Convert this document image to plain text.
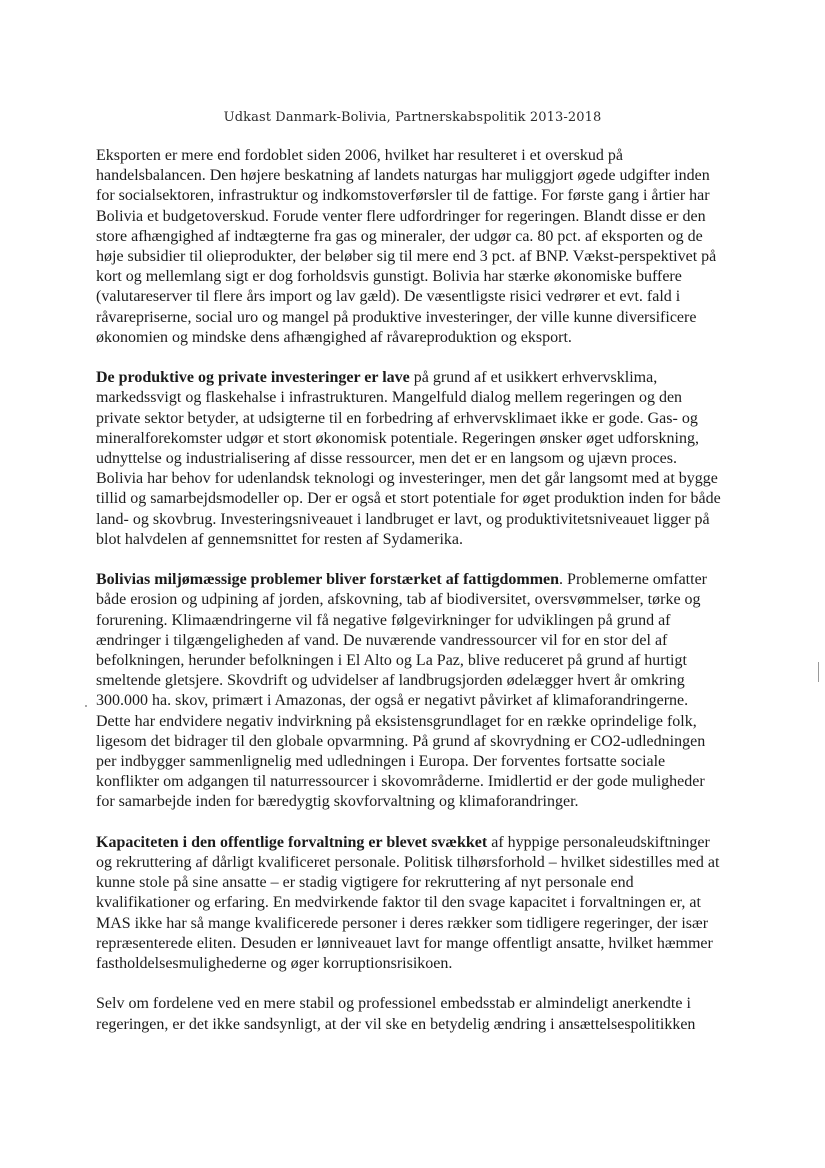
Udkast Danmark-Bolivia, Partnerskabspolitik 2013-2018

Eksporten er mere end fordoblet siden 2006, hvilket har resulteret i et overskud på handelsbalancen. Den højere beskatning af landets naturgas har muliggjort øgede udgifter inden for socialsektoren, infrastruktur og indkomstoverførsler til de fattige. For første gang i årtier har Bolivia et budgetoverskud. Forude venter flere udfordringer for regeringen. Blandt disse er den store afhængighed af indtægterne fra gas og mineraler, der udgør ca. 80 pct. af eksporten og de høje subsidier til olieprodukter, der beløber sig til mere end 3 pct. af BNP. Vækst-perspektivet på kort og mellemlang sigt er dog forholdsvis gunstigt. Bolivia har stærke økonomiske buffere (valutareserver til flere års import og lav gæld). De væsentligste risici vedrører et evt. fald i råvarepriserne, social uro og mangel på produktive investeringer, der ville kunne diversificere økonomien og mindske dens afhængighed af råvareproduktion og eksport.

De produktive og private investeringer er lave på grund af et usikkert erhvervsklima, markedssvigt og flaskehalse i infrastrukturen. Mangelfuld dialog mellem regeringen og den private sektor betyder, at udsigterne til en forbedring af erhvervsklimaet ikke er gode. Gas- og mineralforekomster udgør et stort økonomisk potentiale. Regeringen ønsker øget udforskning, udnyttelse og industrialisering af disse ressourcer, men det er en langsom og ujævn proces. Bolivia har behov for udenlandsk teknologi og investeringer, men det går langsomt med at bygge tillid og samarbejdsmodeller op. Der er også et stort potentiale for øget produktion inden for både land- og skovbrug. Investeringsniveauet i landbruget er lavt, og produktivitetsniveauet ligger på blot halvdelen af gennemsnittet for resten af Sydamerika.

Bolivias miljømæssige problemer bliver forstærket af fattigdommen. Problemerne omfatter både erosion og udpining af jorden, afskovning, tab af biodiversitet, oversvømmelser, tørke og forurening. Klimaændringerne vil få negative følgevirkninger for udviklingen på grund af ændringer i tilgængeligheden af vand. De nuværende vandressourcer vil for en stor del af befolkningen, herunder befolkningen i El Alto og La Paz, blive reduceret på grund af hurtigt smeltende gletsjere. Skovdrift og udvidelser af landbrugsjorden ødelægger hvert år omkring 300.000 ha. skov, primært i Amazonas, der også er negativt påvirket af klimaforandringerne. Dette har endvidere negativ indvirkning på eksistensgrundlaget for en række oprindelige folk, ligesom det bidrager til den globale opvarmning. På grund af skovrydning er CO2-udledningen per indbygger sammenlignelig med udledningen i Europa. Der forventes fortsatte sociale konflikter om adgangen til naturressourcer i skovområderne. Imidlertid er der gode muligheder for samarbejde inden for bæredygtig skovforvaltning og klimaforandringer.

Kapaciteten i den offentlige forvaltning er blevet svækket af hyppige personaleudskiftninger og rekruttering af dårligt kvalificeret personale. Politisk tilhørsforhold – hvilket sidestilles med at kunne stole på sine ansatte – er stadig vigtigere for rekruttering af nyt personale end kvalifikationer og erfaring. En medvirkende faktor til den svage kapacitet i forvaltningen er, at MAS ikke har så mange kvalificerede personer i deres rækker som tidligere regeringer, der især repræsenterede eliten. Desuden er lønniveauet lavt for mange offentligt ansatte, hvilket hæmmer fastholdelsesmulighederne og øger korruptionsrisikoen.

Selv om fordelene ved en mere stabil og professionel embedsstab er almindeligt anerkendte i regeringen, er det ikke sandsynligt, at der vil ske en betydelig ændring i ansættelsespolitikken
